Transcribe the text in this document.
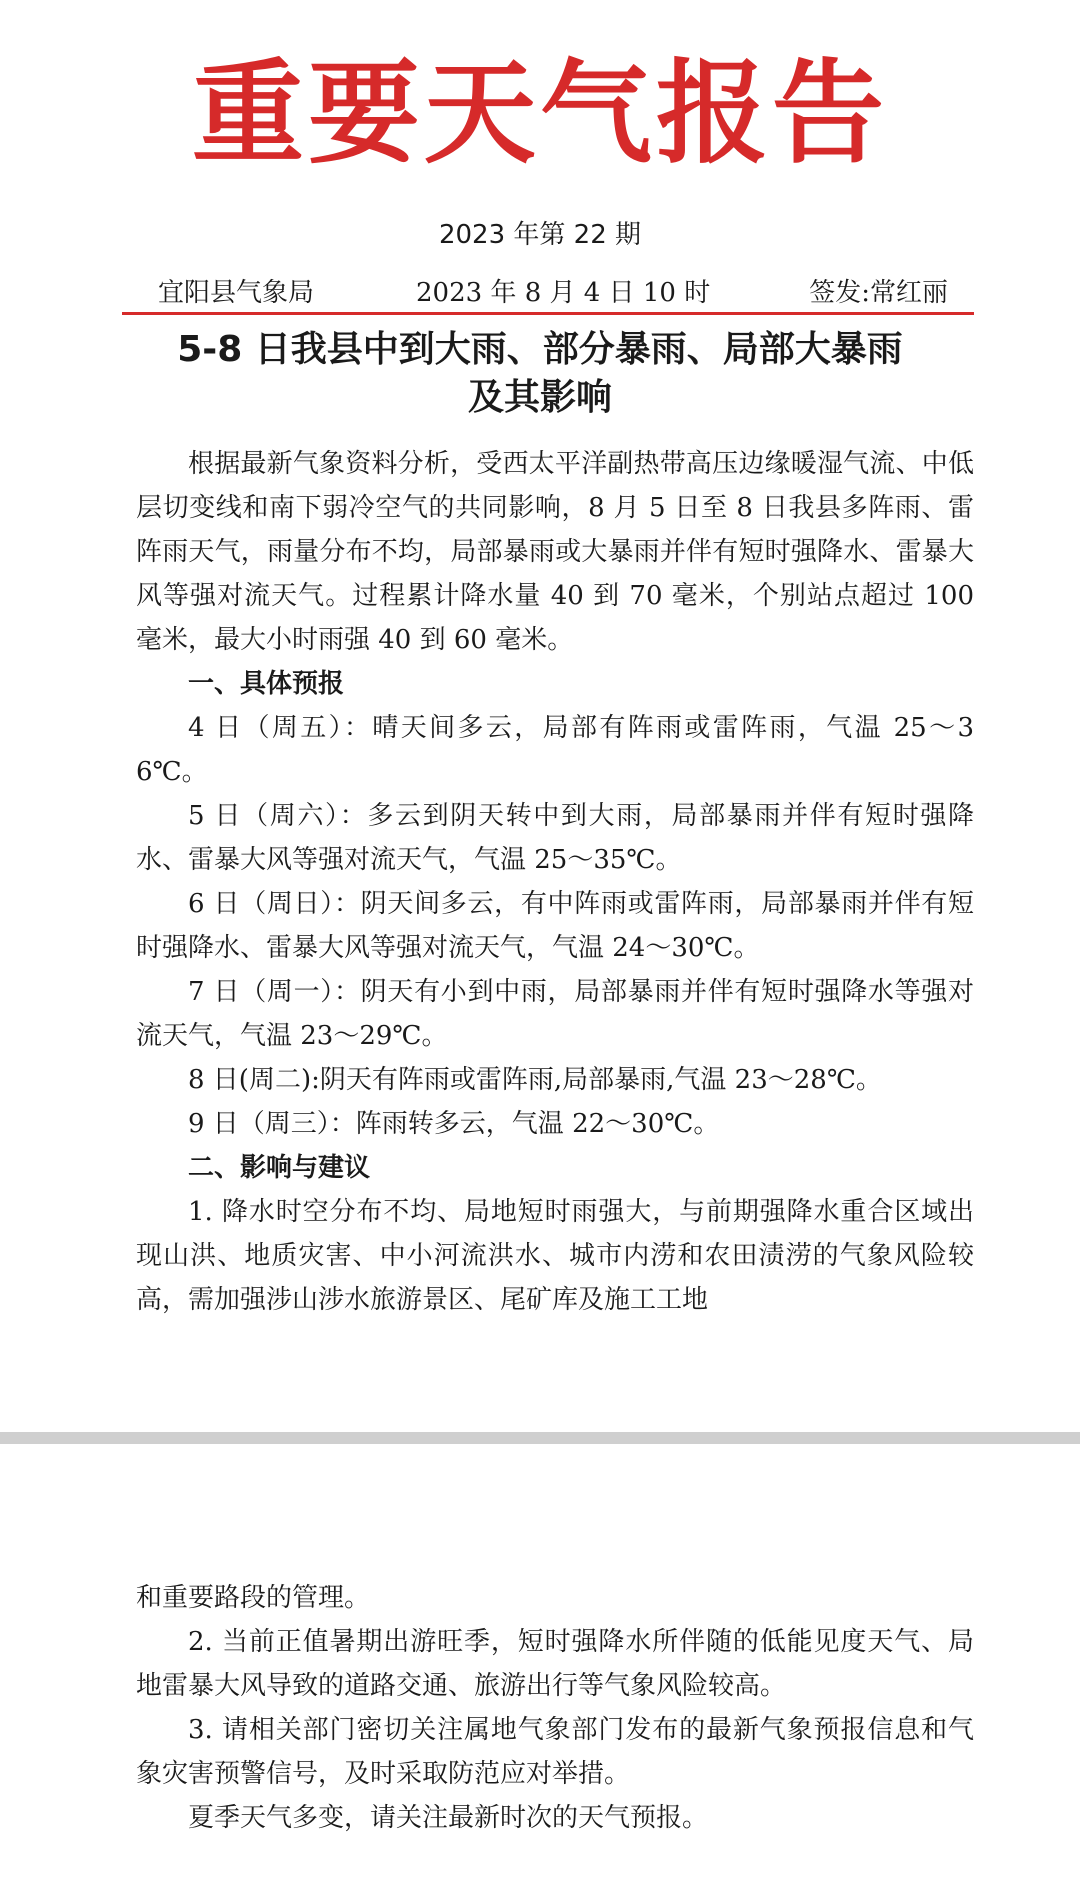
重要天气报告
2023 年第 22 期
宜阳县气象局	2023 年 8 月 4 日 10 时	签发:常红丽
5-8 日我县中到大雨、部分暴雨、局部大暴雨
及其影响

根据最新气象资料分析，受西太平洋副热带高压边缘暖湿气流、中低层切变线和南下弱冷空气的共同影响，8 月 5 日至 8 日我县多阵雨、雷阵雨天气，雨量分布不均，局部暴雨或大暴雨并伴有短时强降水、雷暴大风等强对流天气。过程累计降水量 40 到 70 毫米，个别站点超过 100 毫米，最大小时雨强 40 到 60 毫米。

一、具体预报

4 日（周五）：晴天间多云，局部有阵雨或雷阵雨，气温 25～36℃。

5 日（周六）：多云到阴天转中到大雨，局部暴雨并伴有短时强降水、雷暴大风等强对流天气，气温 25～35℃。

6 日（周日）：阴天间多云，有中阵雨或雷阵雨，局部暴雨并伴有短时强降水、雷暴大风等强对流天气，气温 24～30℃。

7 日（周一）：阴天有小到中雨，局部暴雨并伴有短时强降水等强对流天气，气温 23～29℃。

8 日(周二):阴天有阵雨或雷阵雨,局部暴雨,气温 23～28℃。

9 日（周三）：阵雨转多云，气温 22～30℃。

二、影响与建议

1. 降水时空分布不均、局地短时雨强大，与前期强降水重合区域出现山洪、地质灾害、中小河流洪水、城市内涝和农田渍涝的气象风险较高，需加强涉山涉水旅游景区、尾矿库及施工工地

和重要路段的管理。

2. 当前正值暑期出游旺季，短时强降水所伴随的低能见度天气、局地雷暴大风导致的道路交通、旅游出行等气象风险较高。

3. 请相关部门密切关注属地气象部门发布的最新气象预报信息和气象灾害预警信号，及时采取防范应对举措。

夏季天气多变，请关注最新时次的天气预报。
